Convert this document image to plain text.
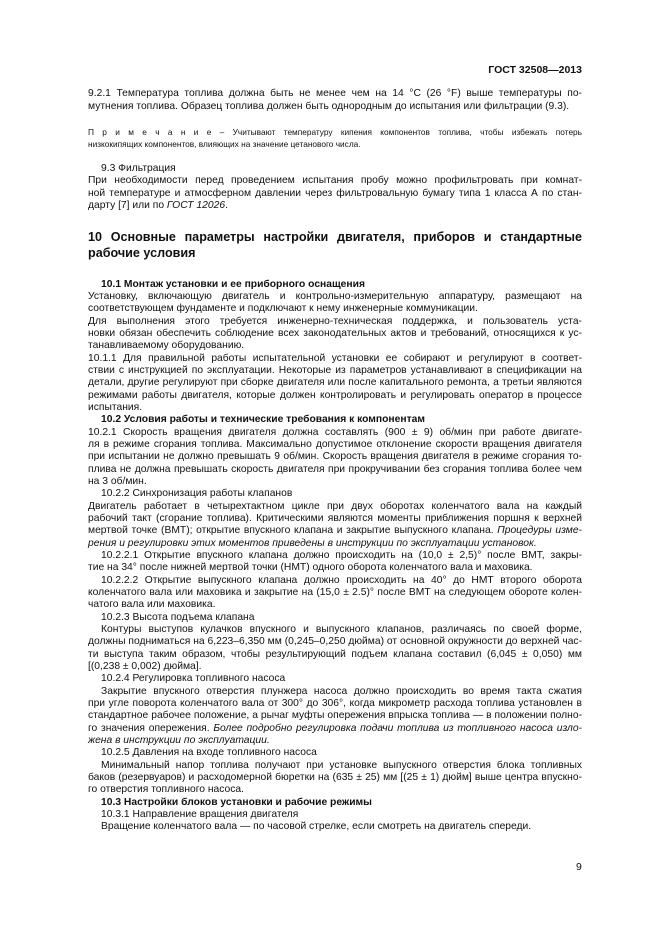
ГОСТ 32508—2013
9.2.1 Температура топлива должна быть не менее чем на 14 °С (26 °F) выше температуры по-
мутнения топлива. Образец топлива должен быть однородным до испытания или фильтрации (9.3).
П р и м е ч а н и е – Учитывают температуру кипения компонентов топлива, чтобы избежать потерь
низкокипящих компонентов, влияющих на значение цетанового числа.
9.3 Фильтрация
При необходимости перед проведением испытания пробу можно профильтровать при комнат-
ной температуре и атмосферном давлении через фильтровальную бумагу типа 1 класса А по стан-
дарту [7] или по ГОСТ 12026.
10 Основные параметры настройки двигателя, приборов и стандартные
рабочие условия
10.1 Монтаж установки и ее приборного оснащения
Установку, включающую двигатель и контрольно-измерительную аппаратуру, размещают на
соответствующем фундаменте и подключают к нему инженерные коммуникации.
Для выполнения этого требуется инженерно-техническая поддержка, и пользователь уста-
новки обязан обеспечить соблюдение всех законодательных актов и требований, относящихся к ус-
танавливаемому оборудованию.
10.1.1 Для правильной работы испытательной установки ее собирают и регулируют в соответ-
ствии с инструкцией по эксплуатации. Некоторые из параметров устанавливают в спецификации на
детали, другие регулируют при сборке двигателя или после капитального ремонта, а третьи являются
режимами работы двигателя, которые должен контролировать и регулировать оператор в процессе
испытания.
10.2 Условия работы и технические требования к компонентам
10.2.1 Скорость вращения двигателя должна составлять (900 ± 9) об/мин при работе двигате-
ля в режиме сгорания топлива. Максимально допустимое отклонение скорости вращения двигателя
при испытании не должно превышать 9 об/мин. Скорость вращения двигателя в режиме сгорания то-
плива не должна превышать скорость двигателя при прокручивании без сгорания топлива более чем
на 3 об/мин.
10.2.2 Синхронизация работы клапанов
Двигатель работает в четырехтактном цикле при двух оборотах коленчатого вала на каждый
рабочий такт (сгорание топлива). Критическими являются моменты приближения поршня к верхней
мертвой точке (ВМТ); открытие впускного клапана и закрытие выпускного клапана. Процедуры изме-
рения и регулировки этих моментов приведены в инструкции по эксплуатации установок.
10.2.2.1 Открытие впускного клапана должно происходить на (10,0 ± 2,5)° после ВМТ, закры-
тие на 34° после нижней мертвой точки (НМТ) одного оборота коленчатого вала и маховика.
10.2.2.2 Открытие выпускного клапана должно происходить на 40° до НМТ второго оборота
коленчатого вала или маховика и закрытие на (15,0 ± 2.5)° после ВМТ на следующем обороте колен-
чатого вала или маховика.
10.2.3 Высота подъема клапана
Контуры выступов кулачков впускного и выпускного клапанов, различаясь по своей форме,
должны подниматься на 6,223–6,350 мм (0,245–0,250 дюйма) от основной окружности до верхней час-
ти выступа таким образом, чтобы результирующий подъем клапана составил (6,045 ± 0,050) мм
[(0,238 ± 0,002) дюйма].
10.2.4 Регулировка топливного насоса
Закрытие впускного отверстия плунжера насоса должно происходить во время такта сжатия
при угле поворота коленчатого вала от 300° до 306°, когда микрометр расхода топлива установлен в
стандартное рабочее положение, а рычаг муфты опережения впрыска топлива — в положении полно-
го значения опережения. Более подробно регулировка подачи топлива из топливного насоса изло-
жена в инструкции по эксплуатации.
10.2.5 Давления на входе топливного насоса
Минимальный напор топлива получают при установке выпускного отверстия блока топливных
баков (резервуаров) и расходомерной бюретки на (635 ± 25) мм [(25 ± 1) дюйм] выше центра впускно-
го отверстия топливного насоса.
10.3 Настройки блоков установки и рабочие режимы
10.3.1 Направление вращения двигателя
Вращение коленчатого вала — по часовой стрелке, если смотреть на двигатель спереди.
9
